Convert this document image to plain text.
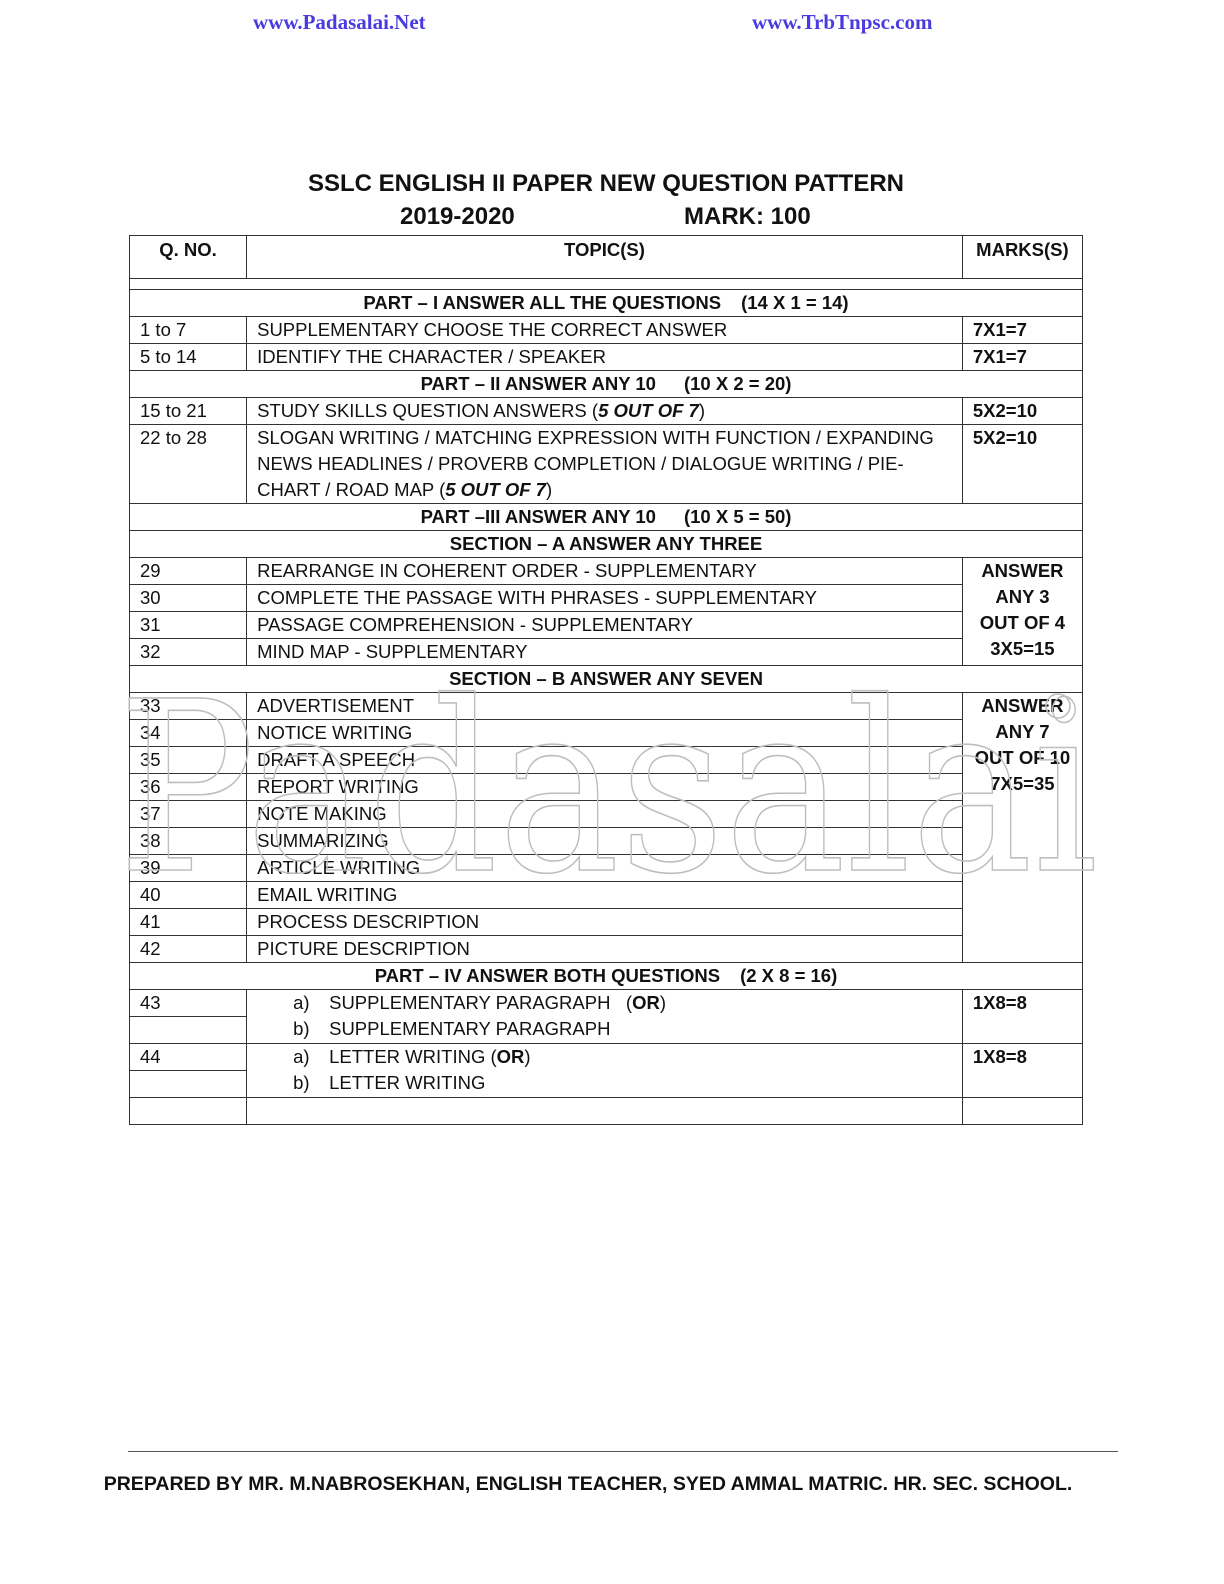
www.Padasalai.Net	www.TrbTnpsc.com
SSLC ENGLISH II PAPER NEW QUESTION PATTERN
2019-2020	MARK: 100
Q. NO.	TOPIC(S)	MARKS(S)

PART – I ANSWER ALL THE QUESTIONS (14 X 1 = 14)		
1 to 7	SUPPLEMENTARY CHOOSE THE CORRECT ANSWER	7X1=7
5 to 14	IDENTIFY THE CHARACTER / SPEAKER	7X1=7
PART – II ANSWER ANY 10 (10 X 2 = 20)		
15 to 21	STUDY SKILLS QUESTION ANSWERS (5 OUT OF 7)	5X2=10
22 to 28	SLOGAN WRITING / MATCHING EXPRESSION WITH FUNCTION / EXPANDING NEWS HEADLINES / PROVERB COMPLETION / DIALOGUE WRITING / PIE-CHART / ROAD MAP (5 OUT OF 7)	5X2=10
PART –III ANSWER ANY 10 (10 X 5 = 50)		
SECTION – A ANSWER ANY THREE		
29	REARRANGE IN COHERENT ORDER - SUPPLEMENTARY	ANSWER
ANY 3
OUT OF 4
3X5=15

30	COMPLETE THE PASSAGE WITH PHRASES - SUPPLEMENTARY	
31	PASSAGE COMPREHENSION - SUPPLEMENTARY	
32	MIND MAP - SUPPLEMENTARY	
SECTION – B ANSWER ANY SEVEN		
33	ADVERTISEMENT	ANSWER
ANY 7
OUT OF 10
7X5=35

34	NOTICE WRITING	
35	DRAFT A SPEECH	
36	REPORT WRITING	
37	NOTE MAKING	
38	SUMMARIZING	
39	ARTICLE WRITING	
40	EMAIL WRITING	
41	PROCESS DESCRIPTION	
42	PICTURE DESCRIPTION	
PART – IV ANSWER BOTH QUESTIONS (2 X 8 = 16)		
43	a) SUPPLEMENTARY PARAGRAPH (OR)
b) SUPPLEMENTARY PARAGRAPH	1X8=8

44	a) LETTER WRITING (OR)
b) LETTER WRITING	1X8=8

Padasalai
PREPARED BY MR. M.NABROSEKHAN, ENGLISH TEACHER, SYED AMMAL MATRIC. HR. SEC. SCHOOL.
